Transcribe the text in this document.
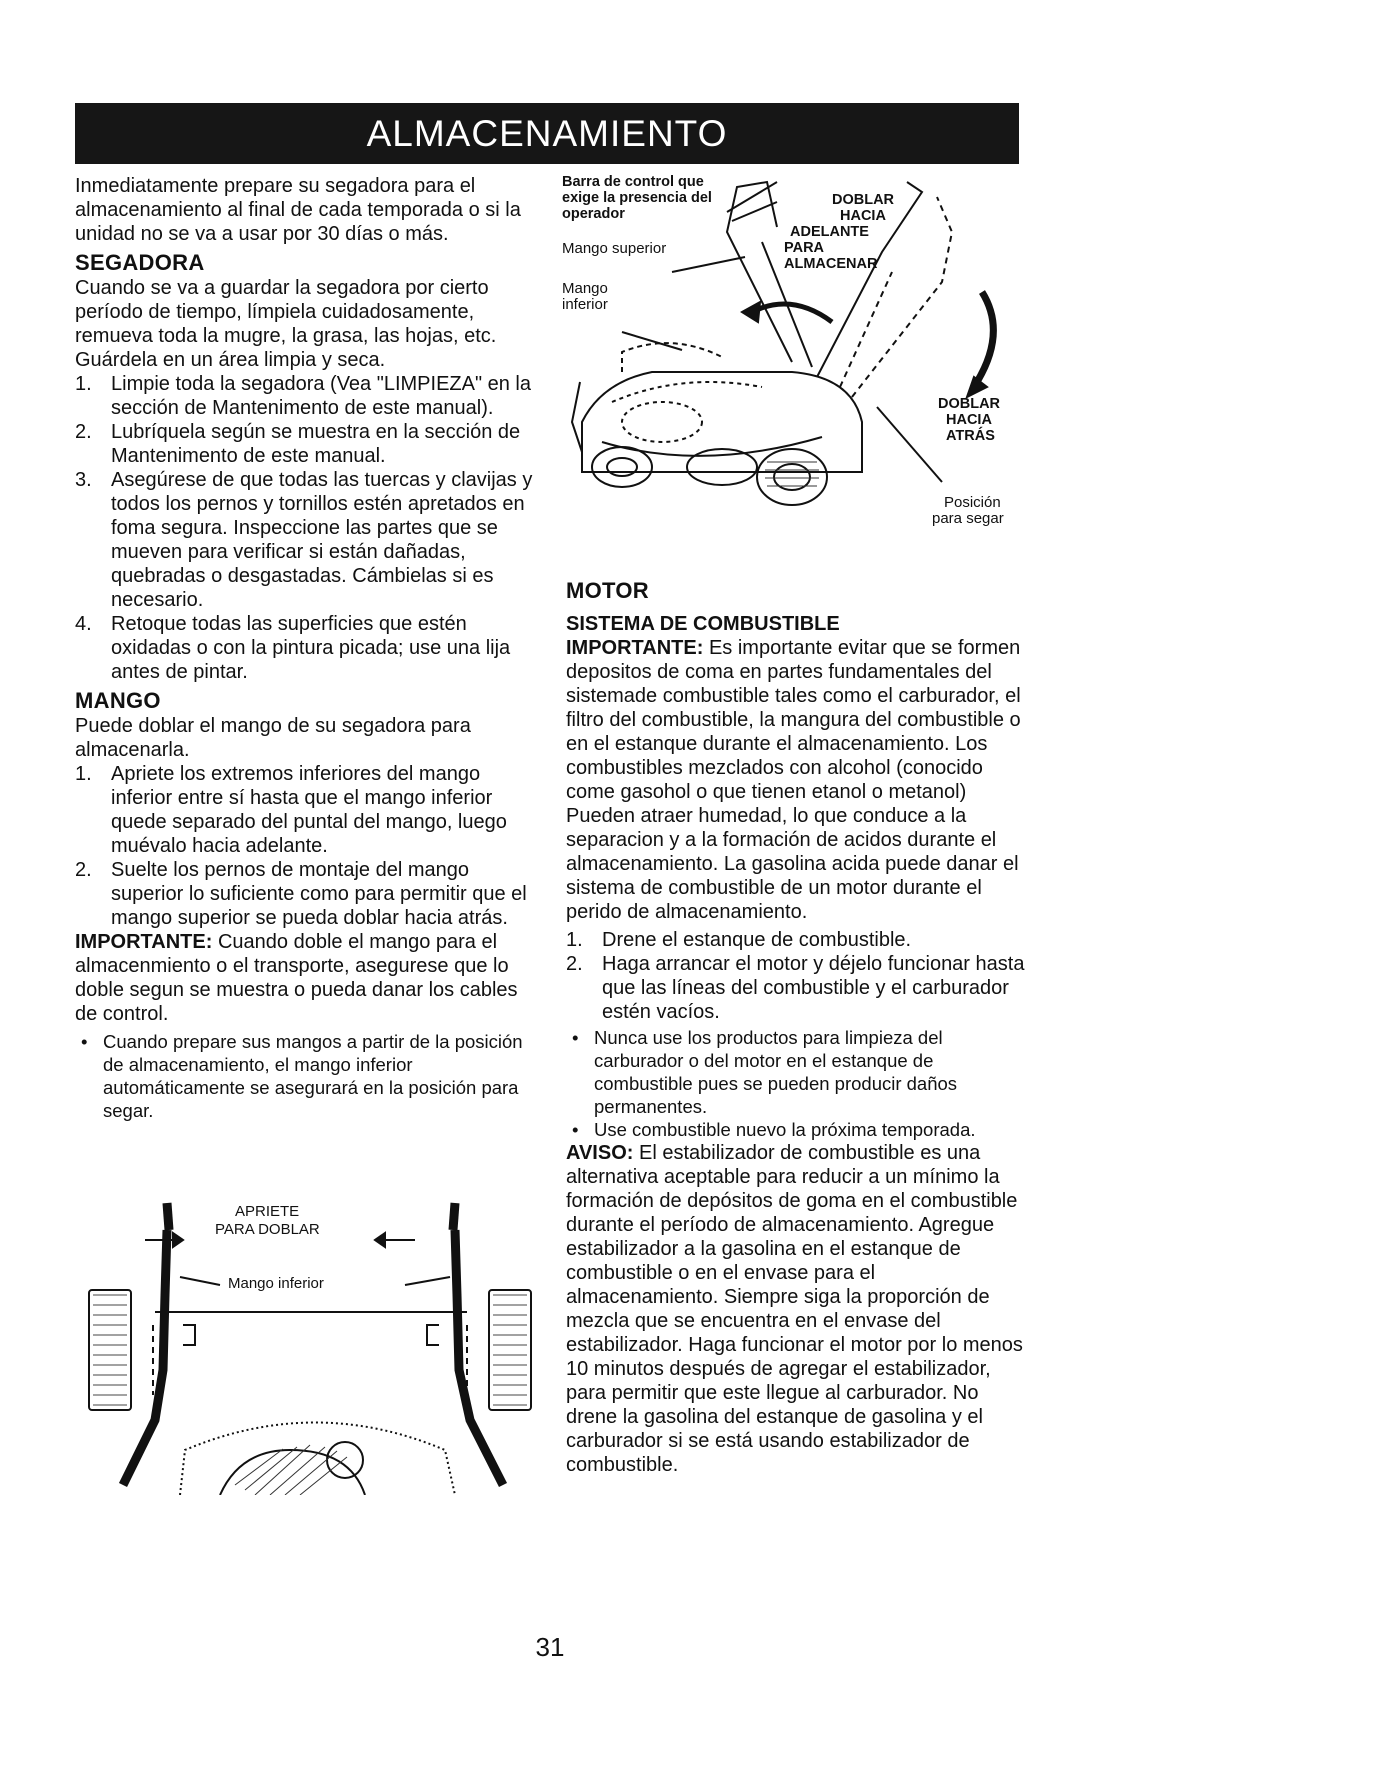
ALMACENAMIENTO

Inmediatamente prepare su segadora para el almacenamiento al final de cada temporada o si la unidad no se va a usar por 30 días o más.

SEGADORA

Cuando se va a guardar la segadora por cierto período de tiempo, límpiela cuidadosamente, remueva toda la mugre, la grasa, las hojas, etc. Guárdela en un área limpia y seca.

1. Limpie toda la segadora (Vea "LIMPIEZA" en la sección de Mantenimento de este manual).
2. Lubríquela según se muestra en la sección de Mantenimento de este manual.
3. Asegúrese de que todas las tuercas y clavijas y todos los pernos y tornillos estén apretados en foma segura. Inspeccione las partes que se mueven para verificar si están dañadas, quebradas o desgastadas. Cámbielas si es necesario.
4. Retoque todas las superficies que estén oxidadas o con la pintura picada; use una lija antes de pintar.
MANGO

Puede doblar el mango de su segadora para almacenarla.

1. Apriete los extremos inferiores del mango inferior entre sí hasta que el mango inferior quede separado del puntal del mango, luego muévalo hacia adelante.
2. Suelte los pernos de montaje del mango superior lo suficiente como para permitir que el mango superior se pueda doblar hacia atrás.

IMPORTANTE: Cuando doble el mango para el almacenmiento o el transporte, asegurese que lo doble segun se muestra o pueda danar los cables de control.

• Cuando prepare sus mangos a partir de la posición de almacenamiento, el mango inferior automáticamente se asegurará en la posición para segar.
APRIETE
PARA DOBLAR
Mango inferior
Barra de control que
exige la presencia del
operador
Mango superior
Mango
inferior
DOBLAR
HACIA
ADELANTE
PARA
ALMACENAR
DOBLAR
HACIA
ATRÁS
Posición
para segar
MOTOR
SISTEMA DE COMBUSTIBLE

IMPORTANTE: Es importante evitar que se formen depositos de coma en partes fundamentales del sistemade combustible tales como el carburador, el filtro del combustible, la mangura del combustible o en el estanque durante el almacenamiento. Los combustibles mezclados con alcohol (conocido come gasohol o que tienen etanol o metanol) Pueden atraer humedad, lo que conduce a la separacion y a la formación de acidos durante el almacenamiento. La gasolina acida puede danar el sistema de combustible de un motor durante el perido de almacenamiento.

1. Drene el estanque de combustible.
2. Haga arrancar el motor y déjelo funcionar hasta que las líneas del combustible y el carburador estén vacíos.
• Nunca use los productos para limpieza del carburador o del motor en el estanque de combustible pues se pueden producir daños permanentes.
• Use combustible nuevo la próxima temporada.

AVISO: El estabilizador de combustible es una alternativa aceptable para reducir a un mínimo la formación de depósitos de goma en el combustible durante el período de almacenamiento. Agregue estabilizador a la gasolina en el estanque de combustible o en el envase para el almacenamiento. Siempre siga la proporción de mezcla que se encuentra en el envase del estabilizador. Haga funcionar el motor por lo menos 10 minutos después de agregar el estabilizador, para permitir que este llegue al carburador. No drene la gasolina del estanque de gasolina y el carburador si se está usando estabilizador de combustible.

31
